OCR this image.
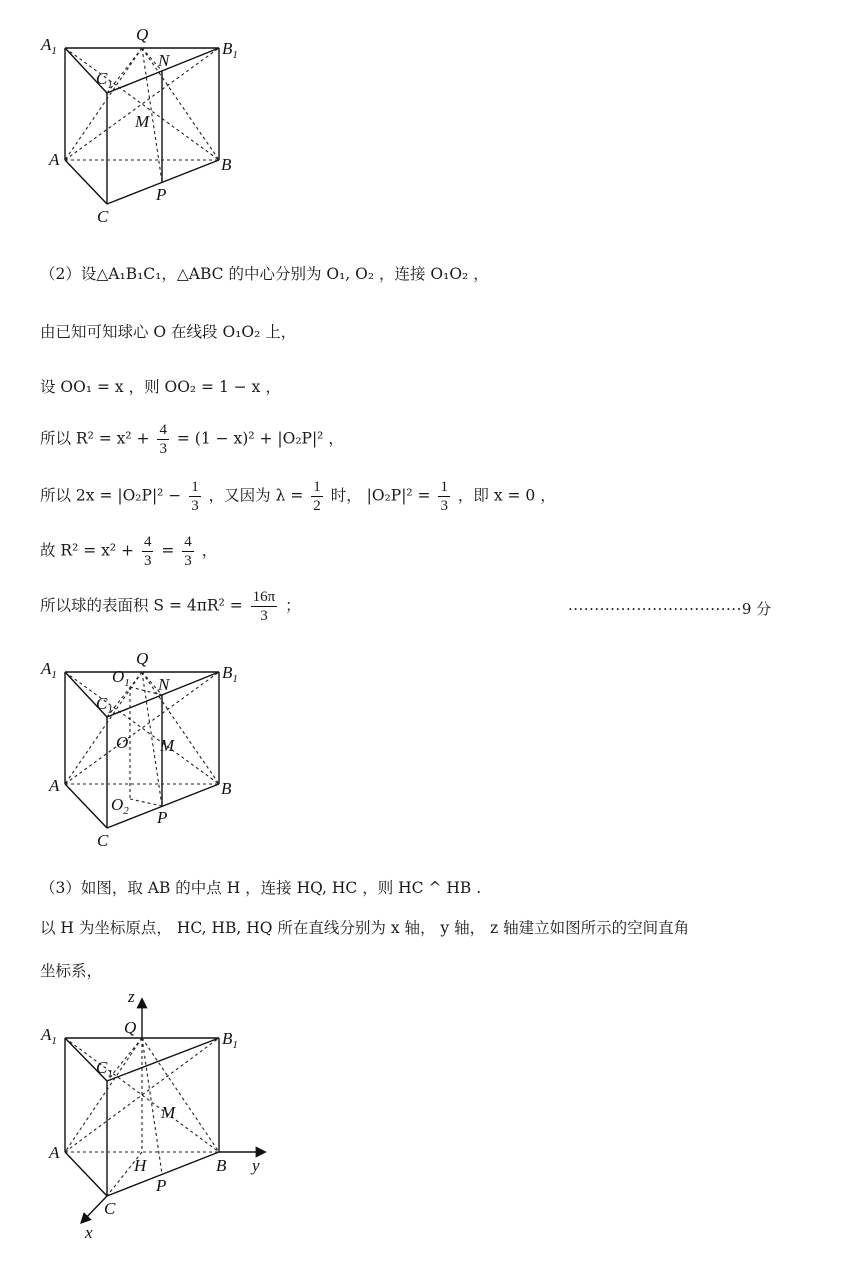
$A_1$	$B_1$
$C_1$
Q
N
M
A	B
C
P
（2）设△A₁B₁C₁，△ABC 的中心分别为 O₁, O₂ ，连接 O₁O₂ ，
由已知可知球心 O 在线段 O₁O₂ 上，
设 OO₁ = x ，则 OO₂ = 1 − x ，
所以 $R^2 = x^2 + \frac{4}{3} = (1 - x)^2 + |O_2P|^2$ ，
所以 $2x = |O_2P|^2 - \frac{1}{3}$ ，又因为 $\lambda = \frac{1}{2}$ 时， $|O_2P|^2 = \frac{1}{3}$ ，即 x = 0 ，
故 $R^2 = x^2 + \frac{4}{3} = \frac{4}{3}$ ，
所以球的表面积 $S = 4\pi R^2 = \frac{16\pi}{3}$ ；	·································9 分
$A_1$	$B_1$
$C_1$
Q
$O_1$ N
O M
A	B
$O_2$ P
C
（3）如图，取 AB 的中点 H ，连接 HQ, HC ，则 HC ^ HB .
以 H 为坐标原点， HC, HB, HQ 所在直线分别为 x 轴， y 轴， z 轴建立如图所示的空间直角
坐标系，
z
$A_1$	$B_1$
Q
$C_1$
M
A
H	B y
P
C
x
